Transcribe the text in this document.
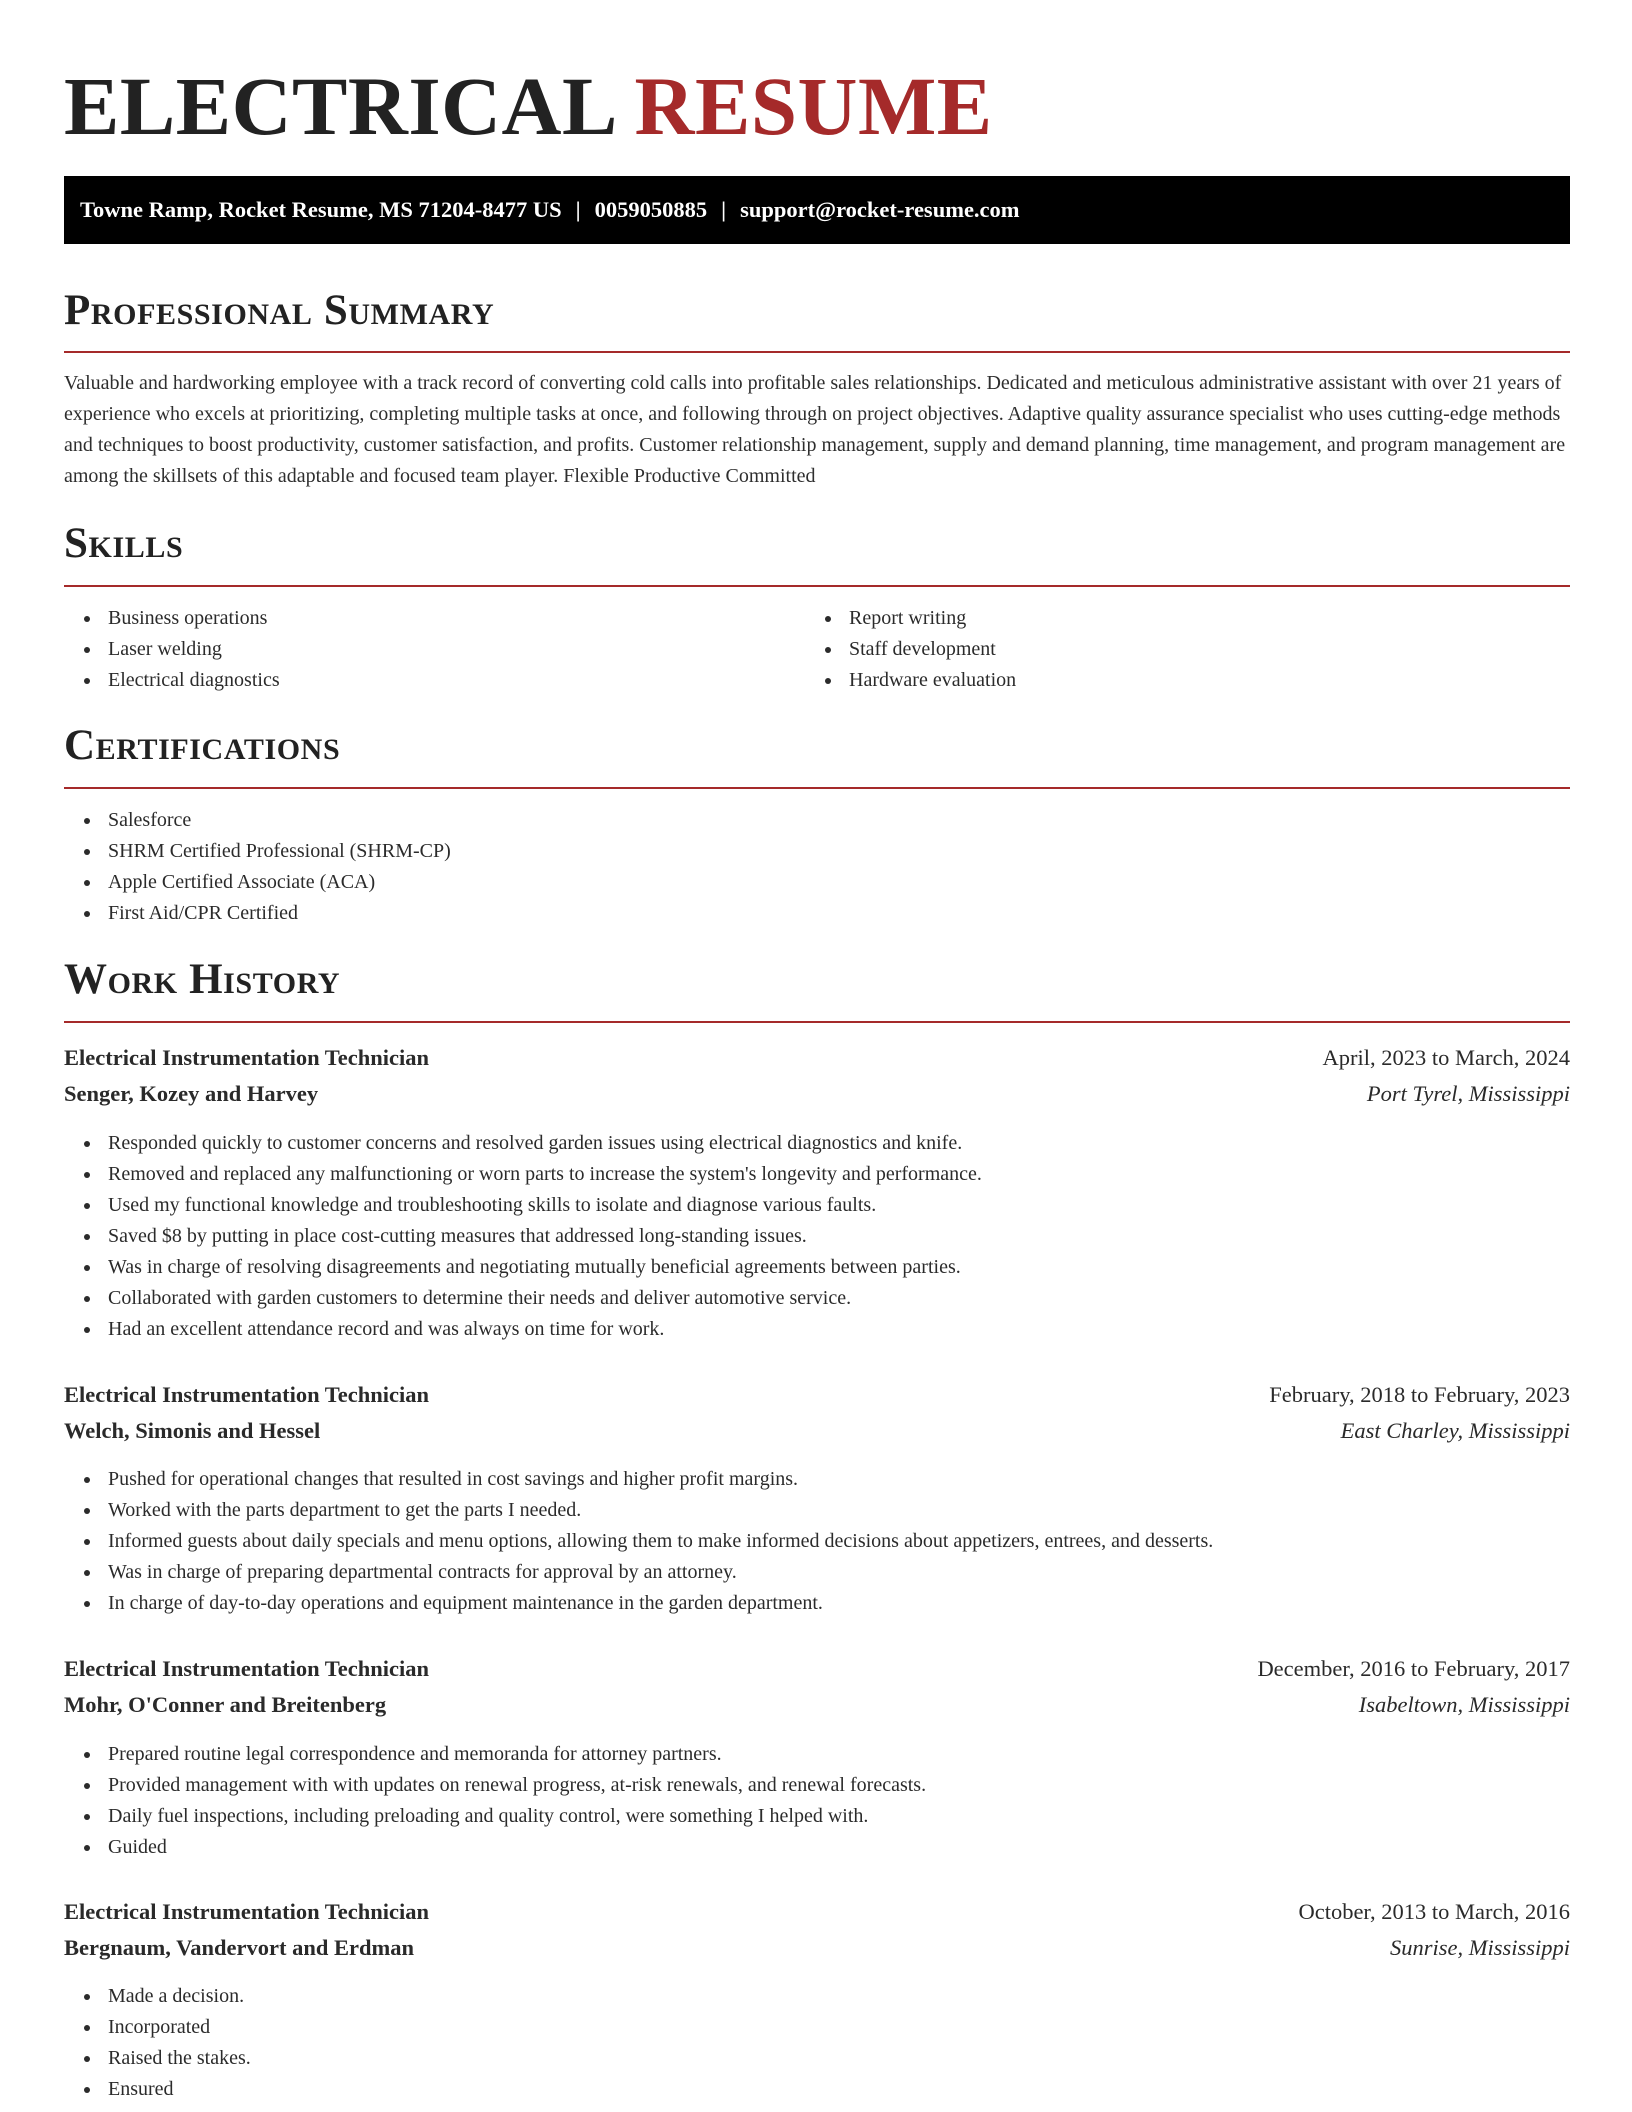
ELECTRICAL RESUME
Towne Ramp, Rocket Resume, MS 71204-8477 US | 0059050885 | support@rocket-resume.com
Professional Summary

Valuable and hardworking employee with a track record of converting cold calls into profitable sales relationships. Dedicated and meticulous administrative assistant with over 21 years of experience who excels at prioritizing, completing multiple tasks at once, and following through on project objectives. Adaptive quality assurance specialist who uses cutting-edge methods and techniques to boost productivity, customer satisfaction, and profits. Customer relationship management, supply and demand planning, time management, and program management are among the skillsets of this adaptable and focused team player. Flexible Productive Committed

Skills
Business operations
Laser welding
Electrical diagnostics
Report writing
Staff development
Hardware evaluation
Certifications
Salesforce
SHRM Certified Professional (SHRM-CP)
Apple Certified Associate (ACA)
First Aid/CPR Certified
Work History
Electrical Instrumentation Technician	April, 2023 to March, 2024
Senger, Kozey and Harvey	Port Tyrel, Mississippi
Responded quickly to customer concerns and resolved garden issues using electrical diagnostics and knife.
Removed and replaced any malfunctioning or worn parts to increase the system's longevity and performance.
Used my functional knowledge and troubleshooting skills to isolate and diagnose various faults.
Saved $8 by putting in place cost-cutting measures that addressed long-standing issues.
Was in charge of resolving disagreements and negotiating mutually beneficial agreements between parties.
Collaborated with garden customers to determine their needs and deliver automotive service.
Had an excellent attendance record and was always on time for work.
Electrical Instrumentation Technician	February, 2018 to February, 2023
Welch, Simonis and Hessel	East Charley, Mississippi
Pushed for operational changes that resulted in cost savings and higher profit margins.
Worked with the parts department to get the parts I needed.
Informed guests about daily specials and menu options, allowing them to make informed decisions about appetizers, entrees, and desserts.
Was in charge of preparing departmental contracts for approval by an attorney.
In charge of day-to-day operations and equipment maintenance in the garden department.
Electrical Instrumentation Technician	December, 2016 to February, 2017
Mohr, O'Conner and Breitenberg	Isabeltown, Mississippi
Prepared routine legal correspondence and memoranda for attorney partners.
Provided management with with updates on renewal progress, at-risk renewals, and renewal forecasts.
Daily fuel inspections, including preloading and quality control, were something I helped with.
Guided
Electrical Instrumentation Technician	October, 2013 to March, 2016
Bergnaum, Vandervort and Erdman	Sunrise, Mississippi
Made a decision.
Incorporated
Raised the stakes.
Ensured
